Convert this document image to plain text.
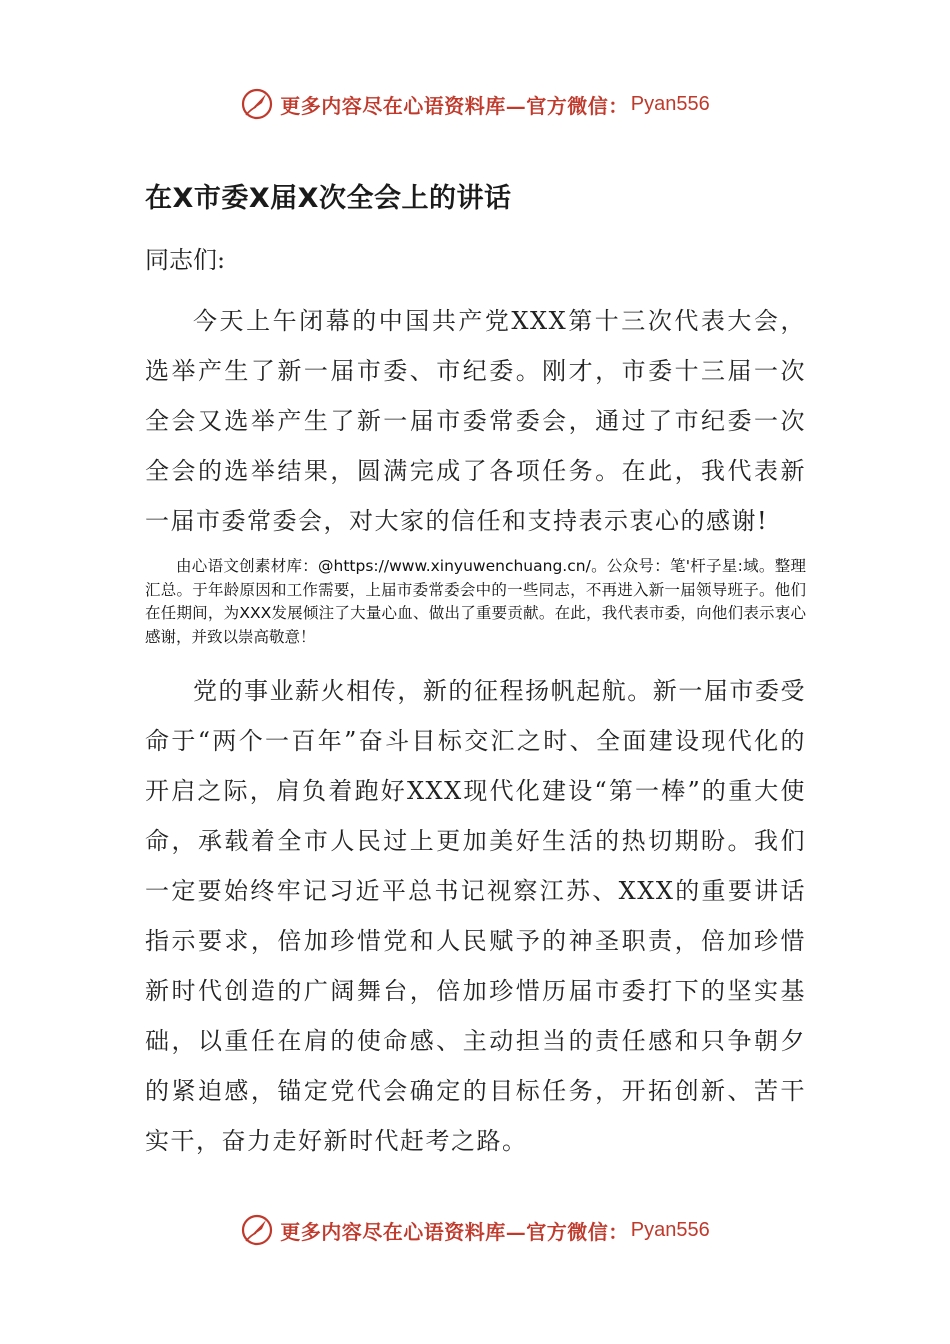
更多内容尽在心语资料库—官方微信： Pyan556
在X市委X届X次全会上的讲话
同志们:

今天上午闭幕的中国共产党XXX第十三次代表大会，选举产生了新一届市委、市纪委。刚才，市委十三届一次全会又选举产生了新一届市委常委会，通过了市纪委一次全会的选举结果，圆满完成了各项任务。在此，我代表新一届市委常委会，对大家的信任和支持表示衷心的感谢!

由心语文创素材库：@https://www.xinyuwenchuang.cn/。公众号：笔'杆子星:域。整理汇总。于年龄原因和工作需要，上届市委常委会中的一些同志，不再进入新一届领导班子。他们在任期间，为XXX发展倾注了大量心血、做出了重要贡献。在此，我代表市委，向他们表示衷心感谢，并致以崇高敬意！

党的事业薪火相传，新的征程扬帆起航。新一届市委受命于“两个一百年”奋斗目标交汇之时、全面建设现代化的开启之际，肩负着跑好XXX现代化建设“第一棒”的重大使命，承载着全市人民过上更加美好生活的热切期盼。我们一定要始终牢记习近平总书记视察江苏、XXX的重要讲话指示要求，倍加珍惜党和人民赋予的神圣职责，倍加珍惜新时代创造的广阔舞台，倍加珍惜历届市委打下的坚实基础，以重任在肩的使命感、主动担当的责任感和只争朝夕的紧迫感，锚定党代会确定的目标任务，开拓创新、苦干实干，奋力走好新时代赶考之路。

更多内容尽在心语资料库—官方微信： Pyan556
